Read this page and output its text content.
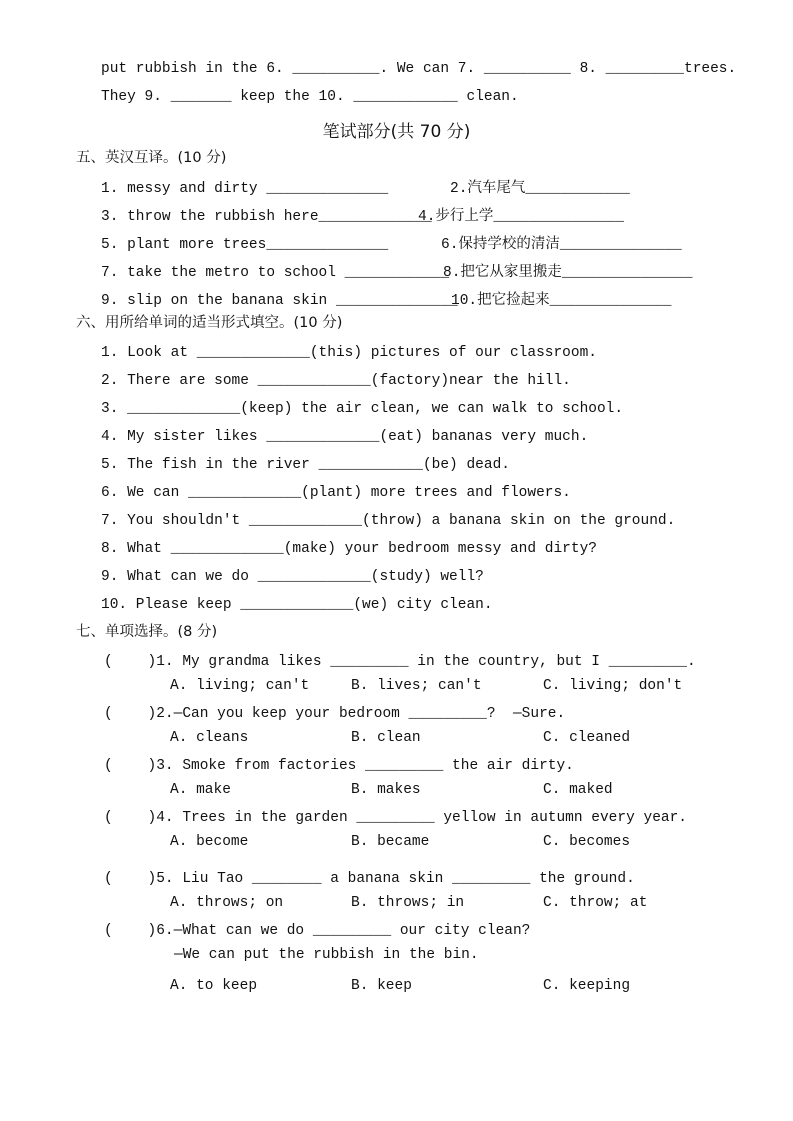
put rubbish in the 6. __________. We can 7. __________ 8. _________trees.
They 9. _______ keep the 10. ____________ clean.
笔试部分(共 70 分)
五、英汉互译。(10 分)
1. messy and dirty ______________	2.汽车尾气____________
3. throw the rubbish here_____________
4.步行上学_______________
5. plant more trees______________	6.保持学校的清洁______________
7. take the metro to school ____________
8.把它从家里搬走_______________
9. slip on the banana skin ______________
10.把它捡起来______________
六、用所给单词的适当形式填空。(10 分)
1. Look at _____________(this) pictures of our classroom.
2. There are some _____________(factory)near the hill.
3. _____________(keep) the air clean, we can walk to school.
4. My sister likes _____________(eat) bananas very much.
5. The fish in the river ____________(be) dead.
6. We can _____________(plant) more trees and flowers.
7. You shouldn't _____________(throw) a banana skin on the ground.
8. What _____________(make) your bedroom messy and dirty?
9. What can we do _____________(study) well?
10. Please keep _____________(we) city clean.
七、单项选择。(8 分)
(    )1. My grandma likes _________ in the country, but I _________.
A. living; can't	B. lives; can't	C. living; don't
(    )2.—Can you keep your bedroom _________?  —Sure.
A. cleans	B. clean	C. cleaned
(    )3. Smoke from factories _________ the air dirty.
A. make	B. makes	C. maked
(    )4. Trees in the garden _________ yellow in autumn every year.
A. become	B. became	C. becomes
(    )5. Liu Tao ________ a banana skin _________ the ground.
A. throws; on	B. throws; in	C. throw; at
(    )6.—What can we do _________ our city clean?
—We can put the rubbish in the bin.
A. to keep	B. keep	C. keeping
